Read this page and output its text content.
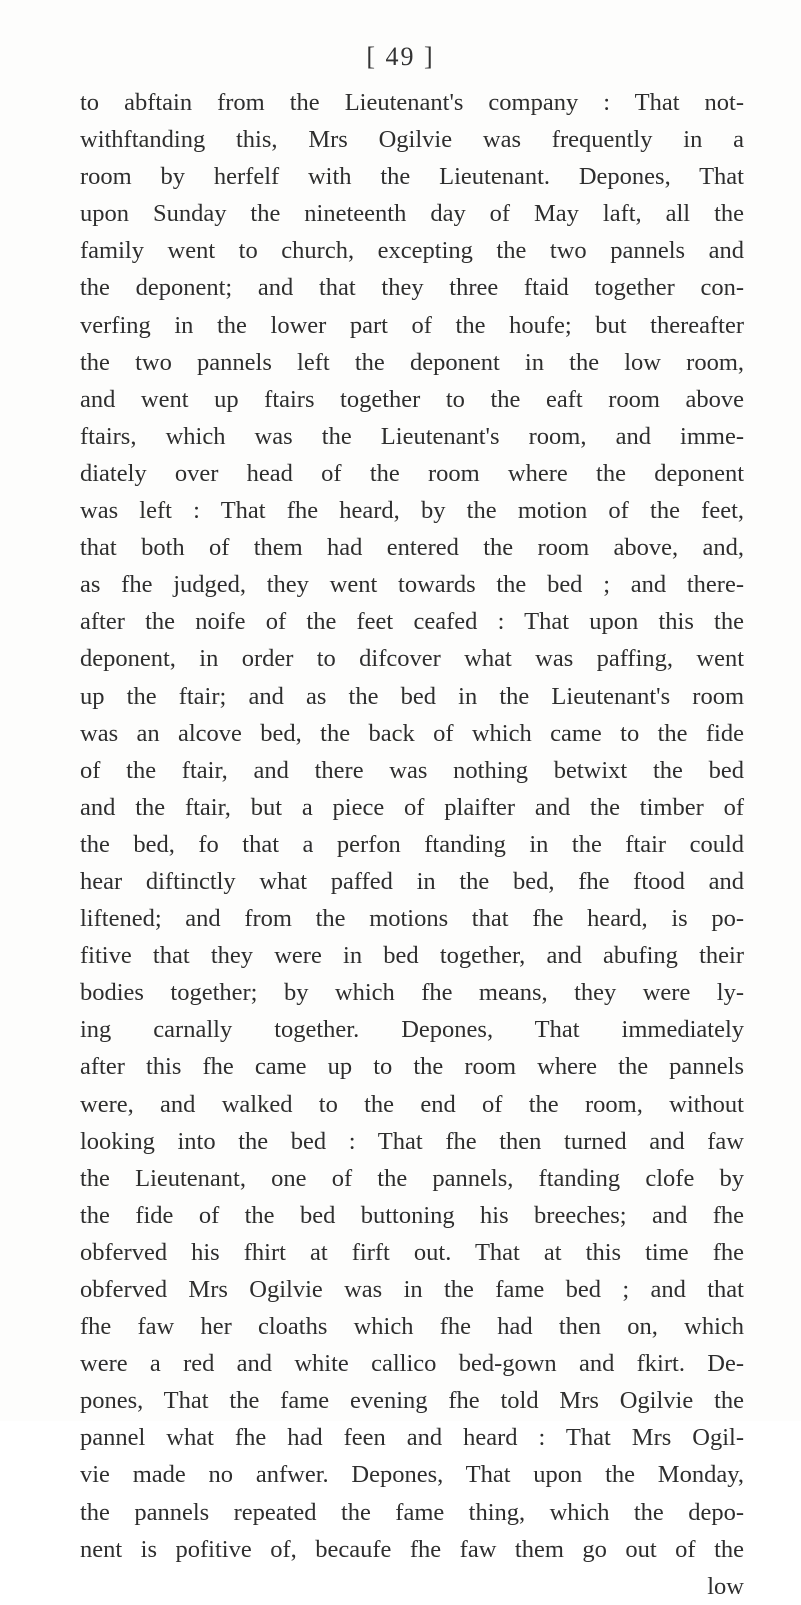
[ 49 ]
to abftain from the Lieutenant's company : That not-
withftanding this, Mrs Ogilvie was frequently in a
room by herfelf with the Lieutenant. Depones, That
upon Sunday the nineteenth day of May laft, all the
family went to church, excepting the two pannels and
the deponent; and that they three ftaid together con-
verfing in the lower part of the houfe; but thereafter
the two pannels left the deponent in the low room,
and went up ftairs together to the eaft room above
ftairs, which was the Lieutenant's room, and imme-
diately over head of the room where the deponent
was left : That fhe heard, by the motion of the feet,
that both of them had entered the room above, and,
as fhe judged, they went towards the bed ; and there-
after the noife of the feet ceafed : That upon this the
deponent, in order to difcover what was paffing, went
up the ftair; and as the bed in the Lieutenant's room
was an alcove bed, the back of which came to the fide
of the ftair, and there was nothing betwixt the bed
and the ftair, but a piece of plaifter and the timber of
the bed, fo that a perfon ftanding in the ftair could
hear diftinctly what paffed in the bed, fhe ftood and
liftened; and from the motions that fhe heard, is po-
fitive that they were in bed together, and abufing their
bodies together; by which fhe means, they were ly-
ing carnally together. Depones, That immediately
after this fhe came up to the room where the pannels
were, and walked to the end of the room, without
looking into the bed : That fhe then turned and faw
the Lieutenant, one of the pannels, ftanding clofe by
the fide of the bed buttoning his breeches; and fhe
obferved his fhirt at firft out. That at this time fhe
obferved Mrs Ogilvie was in the fame bed ; and that
fhe faw her cloaths which fhe had then on, which
were a red and white callico bed-gown and fkirt. De-
pones, That the fame evening fhe told Mrs Ogilvie the
pannel what fhe had feen and heard : That Mrs Ogil-
vie made no anfwer. Depones, That upon the Monday,
the pannels repeated the fame thing, which the depo-
nent is pofitive of, becaufe fhe faw them go out of the
low
